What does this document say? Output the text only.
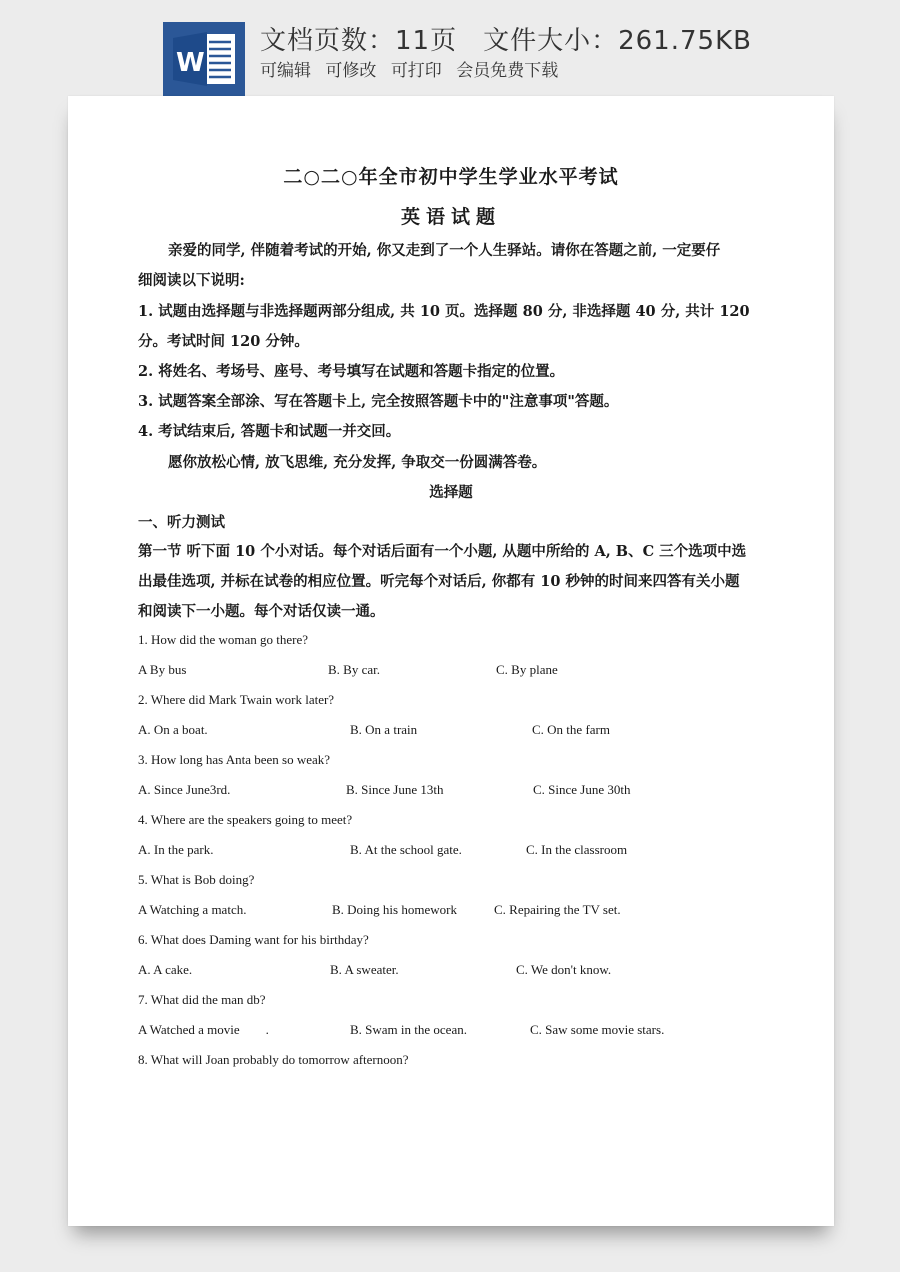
W
文档页数：11页 文件大小：261.75KB
可编辑 可修改 可打印 会员免费下载
二○二○年全市初中学生学业水平考试
英语试题
亲爱的同学, 伴随着考试的开始, 你又走到了一个人生驿站。请你在答题之前, 一定要仔
细阅读以下说明:
1. 试题由选择题与非选择题两部分组成, 共 10 页。选择题 80 分, 非选择题 40 分, 共计 120
分。考试时间 120 分钟。
2. 将姓名、考场号、座号、考号填写在试题和答题卡指定的位置。
3. 试题答案全部涂、写在答题卡上, 完全按照答题卡中的"注意事项"答题。
4. 考试结束后, 答题卡和试题一并交回。
愿你放松心情, 放飞思维, 充分发挥, 争取交一份圆满答卷。
选择题
一、听力测试
第一节 听下面 10 个小对话。每个对话后面有一个小题, 从题中所给的 A, B、C 三个选项中选
出最佳选项, 并标在试卷的相应位置。听完每个对话后, 你都有 10 秒钟的时间来四答有关小题
和阅读下一小题。每个对话仅读一通。
1. How did the woman go there?
A By bus	B. By car.	C. By plane
2. Where did Mark Twain work later?
A. On a boat.	B. On a train	C. On the farm
3. How long has Anta been so weak?
A. Since June3rd.	B. Since June 13th	C. Since June 30th
4. Where are the speakers going to meet?
A. In the park.	B. At the school gate.	C. In the classroom
5. What is Bob doing?
A Watching a match.	B. Doing his homework	C. Repairing the TV set.
6. What does Daming want for his birthday?
A. A cake.	B. A sweater.	C. We don't know.
7. What did the man db?
A Watched a movie        .	B. Swam in the ocean.	C. Saw some movie stars.
8. What will Joan probably do tomorrow afternoon?
